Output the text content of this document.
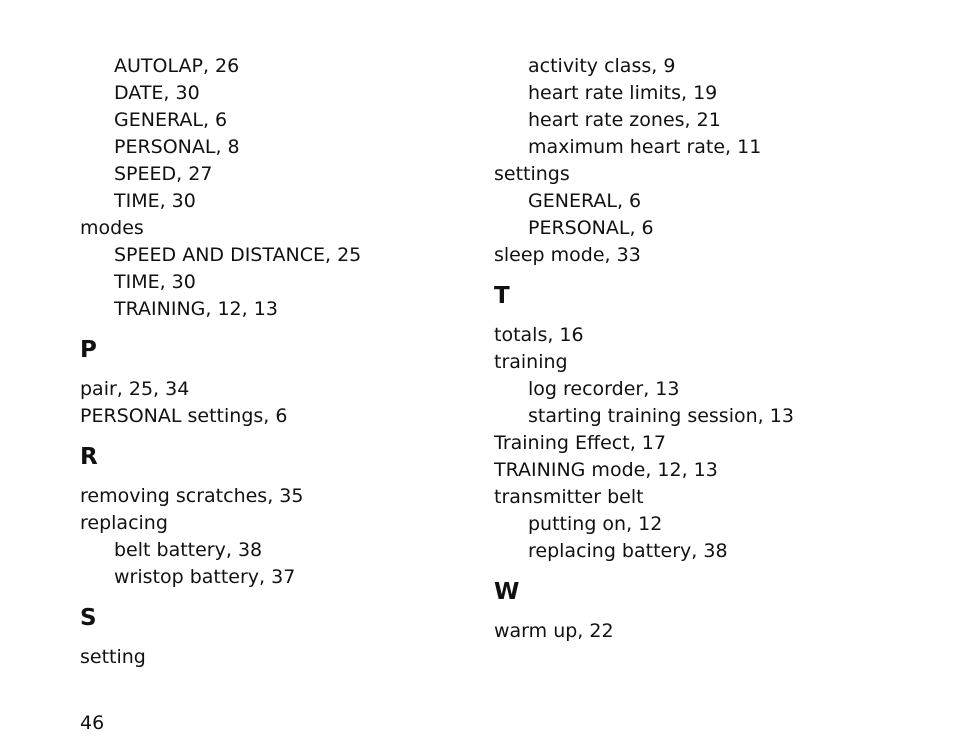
AUTOLAP, 26
DATE, 30
GENERAL, 6
PERSONAL, 8
SPEED, 27
TIME, 30
modes
SPEED AND DISTANCE, 25
TIME, 30
TRAINING, 12, 13
P
pair, 25, 34
PERSONAL settings, 6
R
removing scratches, 35
replacing
belt battery, 38
wristop battery, 37
S
setting
activity class, 9
heart rate limits, 19
heart rate zones, 21
maximum heart rate, 11
settings
GENERAL, 6
PERSONAL, 6
sleep mode, 33
T
totals, 16
training
log recorder, 13
starting training session, 13
Training Effect, 17
TRAINING mode, 12, 13
transmitter belt
putting on, 12
replacing battery, 38
W
warm up, 22
46
